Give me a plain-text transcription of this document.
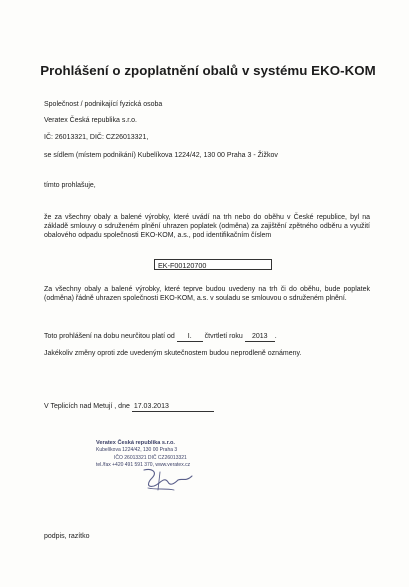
Prohlášení o zpoplatnění obalů v systému EKO-KOM
Společnost / podnikající fyzická osoba
Veratex Česká republika s.r.o.
IČ: 26013321, DIČ: CZ26013321,
se sídlem (místem podnikání) Kubelíkova 1224/42, 130 00 Praha 3 - Žižkov
tímto prohlašuje,
že za všechny obaly a balené výrobky, které uvádí na trh nebo do oběhu v České republice, byl na základě smlouvy o sdruženém plnění uhrazen poplatek (odměna) za zajištění zpětného odběru a využití obalového odpadu společnosti EKO-KOM, a.s., pod identifikačním číslem
EK-F00120700
Za všechny obaly a balené výrobky, které teprve budou uvedeny na trh či do oběhu, bude poplatek (odměna) řádně uhrazen společnosti EKO-KOM, a.s. v souladu se smlouvou o sdruženém plnění.
Toto prohlášení na dobu neurčitou platí od I. čtvrtletí roku 2013 .
Jakékoliv změny oproti zde uvedeným skutečnostem budou neprodleně oznámeny.
V Teplicích nad Metují , dne 17.03.2013
Veratex Česká republika s.r.o.
Kubelíkova 1224/42, 130 00 Praha 3
IČO 26013321 DIČ CZ26013321
tel./fax +420 491 591 370, www.veratex.cz
podpis, razítko
